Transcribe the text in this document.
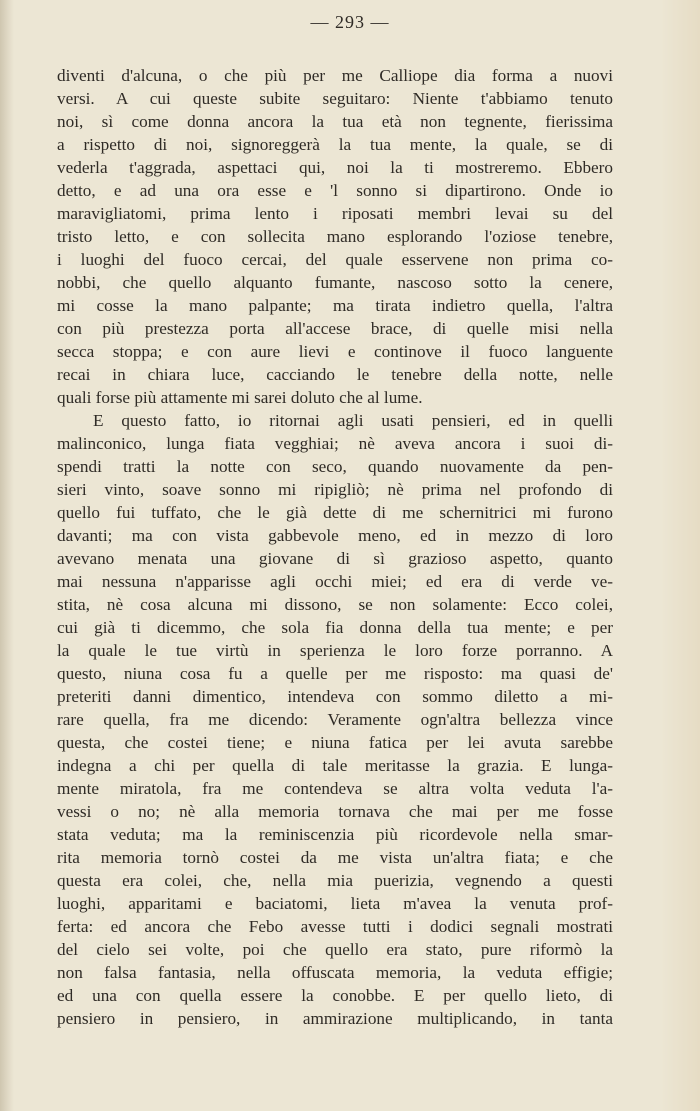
— 293 —
diventi d'alcuna, o che più per me Calliope dia forma a nuovi
versi. A cui queste subite seguitaro: Niente t'abbiamo tenuto
noi, sì come donna ancora la tua età non tegnente, fierissima
a rispetto di noi, signoreggerà la tua mente, la quale, se di
vederla t'aggrada, aspettaci qui, noi la ti mostreremo. Ebbero
detto, e ad una ora esse e 'l sonno si dipartirono. Onde io
maravigliatomi, prima lento i riposati membri levai su del
tristo letto, e con sollecita mano esplorando l'oziose tenebre,
i luoghi del fuoco cercai, del quale esservene non prima co-
nobbi, che quello alquanto fumante, nascoso sotto la cenere,
mi cosse la mano palpante; ma tirata indietro quella, l'altra
con più prestezza porta all'accese brace, di quelle misi nella
secca stoppa; e con aure lievi e continove il fuoco languente
recai in chiara luce, cacciando le tenebre della notte, nelle
quali forse più attamente mi sarei doluto che al lume.
E questo fatto, io ritornai agli usati pensieri, ed in quelli
malinconico, lunga fiata vegghiai; nè aveva ancora i suoi di-
spendi tratti la notte con seco, quando nuovamente da pen-
sieri vinto, soave sonno mi ripigliò; nè prima nel profondo di
quello fui tuffato, che le già dette di me schernitrici mi furono
davanti; ma con vista gabbevole meno, ed in mezzo di loro
avevano menata una giovane di sì grazioso aspetto, quanto
mai nessuna n'apparisse agli occhi miei; ed era di verde ve-
stita, nè cosa alcuna mi dissono, se non solamente: Ecco colei,
cui già ti dicemmo, che sola fia donna della tua mente; e per
la quale le tue virtù in sperienza le loro forze porranno. A
questo, niuna cosa fu a quelle per me risposto: ma quasi de'
preteriti danni dimentico, intendeva con sommo diletto a mi-
rare quella, fra me dicendo: Veramente ogn'altra bellezza vince
questa, che costei tiene; e niuna fatica per lei avuta sarebbe
indegna a chi per quella di tale meritasse la grazia. E lunga-
mente miratola, fra me contendeva se altra volta veduta l'a-
vessi o no; nè alla memoria tornava che mai per me fosse
stata veduta; ma la reminiscenzia più ricordevole nella smar-
rita memoria tornò costei da me vista un'altra fiata; e che
questa era colei, che, nella mia puerizia, vegnendo a questi
luoghi, apparitami e baciatomi, lieta m'avea la venuta prof-
ferta: ed ancora che Febo avesse tutti i dodici segnali mostrati
del cielo sei volte, poi che quello era stato, pure riformò la
non falsa fantasia, nella offuscata memoria, la veduta effigie;
ed una con quella essere la conobbe. E per quello lieto, di
pensiero in pensiero, in ammirazione multiplicando, in tanta
